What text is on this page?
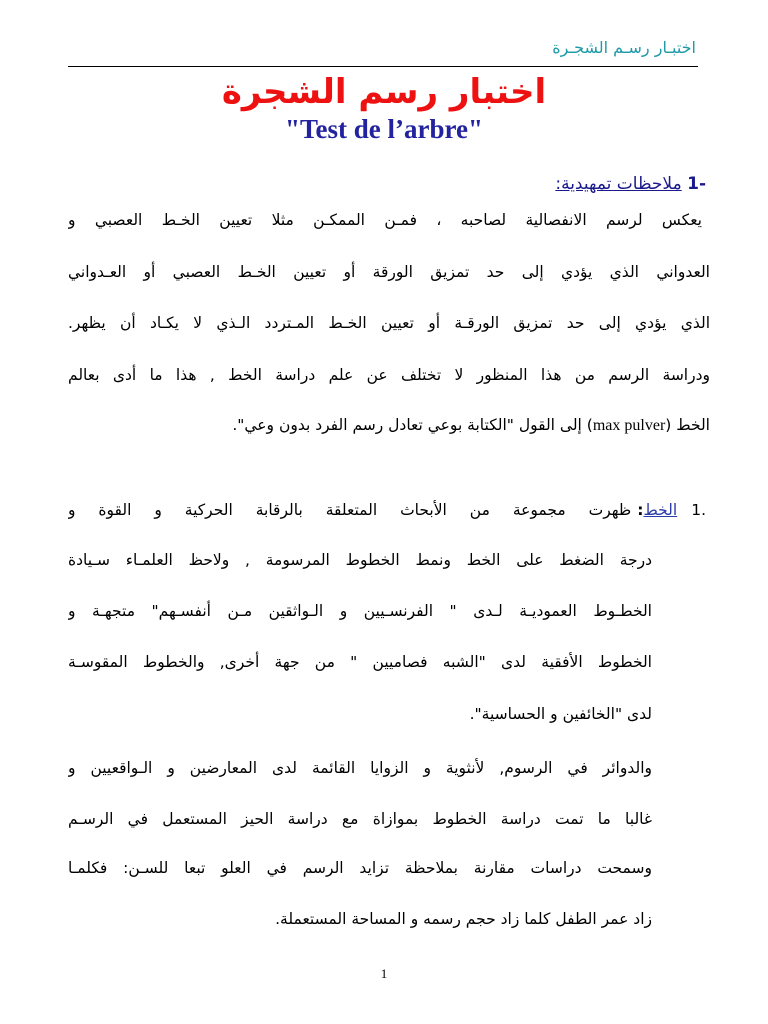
اختبـار رسـم الشجـرة
اختبار رسم الشجرة
"Test de l’arbre"
-1 ملاحظات تمهيدية:
يعكس لرسم الانفصالية لصاحبه ، فمـن الممكـن مثلا تعيين الخـط العصبي و
العدواني الذي يؤدي إلى حد تمزيق الورقة أو تعيين الخـط العصبي أو العـدواني
الذي يؤدي إلى حد تمزيق الورقـة أو تعيين الخـط المـتردد الـذي لا يكـاد أن يظهر.
ودراسة الرسم من هذا المنظور لا تختلف عن علم دراسة الخط , هذا ما أدى بعالم
الخط (max pulver) إلى القول "الكتابة بوعي تعادل رسم الفرد بدون وعي".
1.الخط:ظهرت مجموعة من الأبحاث المتعلقة بالرقابة الحركية و القوة و
درجة الضغط على الخط ونمط الخطوط المرسومة , ولاحظ العلمـاء سـيادة
الخطـوط العموديـة لـدى " الفرنسـيين و الـواثقين مـن أنفسـهم" متجهـة و
الخطوط الأفقية لدى "الشبه فصاميين " من جهة أخرى, والخطوط المقوسـة
لدى "الخائفين و الحساسية".
والدوائر في الرسوم, لأنثوية و الزوايا القائمة لدى المعارضين و الـواقعيين و
غالبا ما تمت دراسة الخطوط بموازاة مع دراسة الحيز المستعمل في الرسـم
وسمحت دراسات مقارنة بملاحظة تزايد الرسم في العلو تبعا للسـن: فكلمـا
زاد عمر الطفل كلما زاد حجم رسمه و المساحة المستعملة.
1
